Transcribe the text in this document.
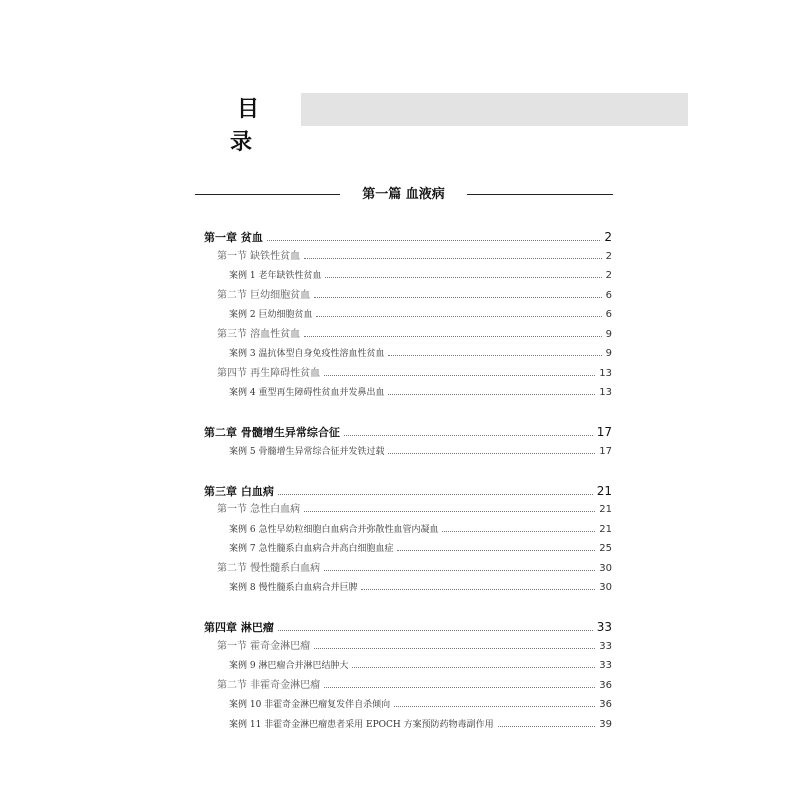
目 录
第一篇 血液病
第一章 贫血	2
第一节 缺铁性贫血	2
案例 1 老年缺铁性贫血	2
第二节 巨幼细胞贫血	6
案例 2 巨幼细胞贫血	6
第三节 溶血性贫血	9
案例 3 温抗体型自身免疫性溶血性贫血	9
第四节 再生障碍性贫血	13
案例 4 重型再生障碍性贫血并发鼻出血	13
第二章 骨髓增生异常综合征	17
案例 5 骨髓增生异常综合征并发铁过载	17
第三章 白血病	21
第一节 急性白血病	21
案例 6 急性早幼粒细胞白血病合并弥散性血管内凝血	21
案例 7 急性髓系白血病合并高白细胞血症	25
第二节 慢性髓系白血病	30
案例 8 慢性髓系白血病合并巨脾	30
第四章 淋巴瘤	33
第一节 霍奇金淋巴瘤	33
案例 9 淋巴瘤合并淋巴结肿大	33
第二节 非霍奇金淋巴瘤	36
案例 10 非霍奇金淋巴瘤复发伴自杀倾向	36
案例 11 非霍奇金淋巴瘤患者采用 EPOCH 方案预防药物毒副作用	39
